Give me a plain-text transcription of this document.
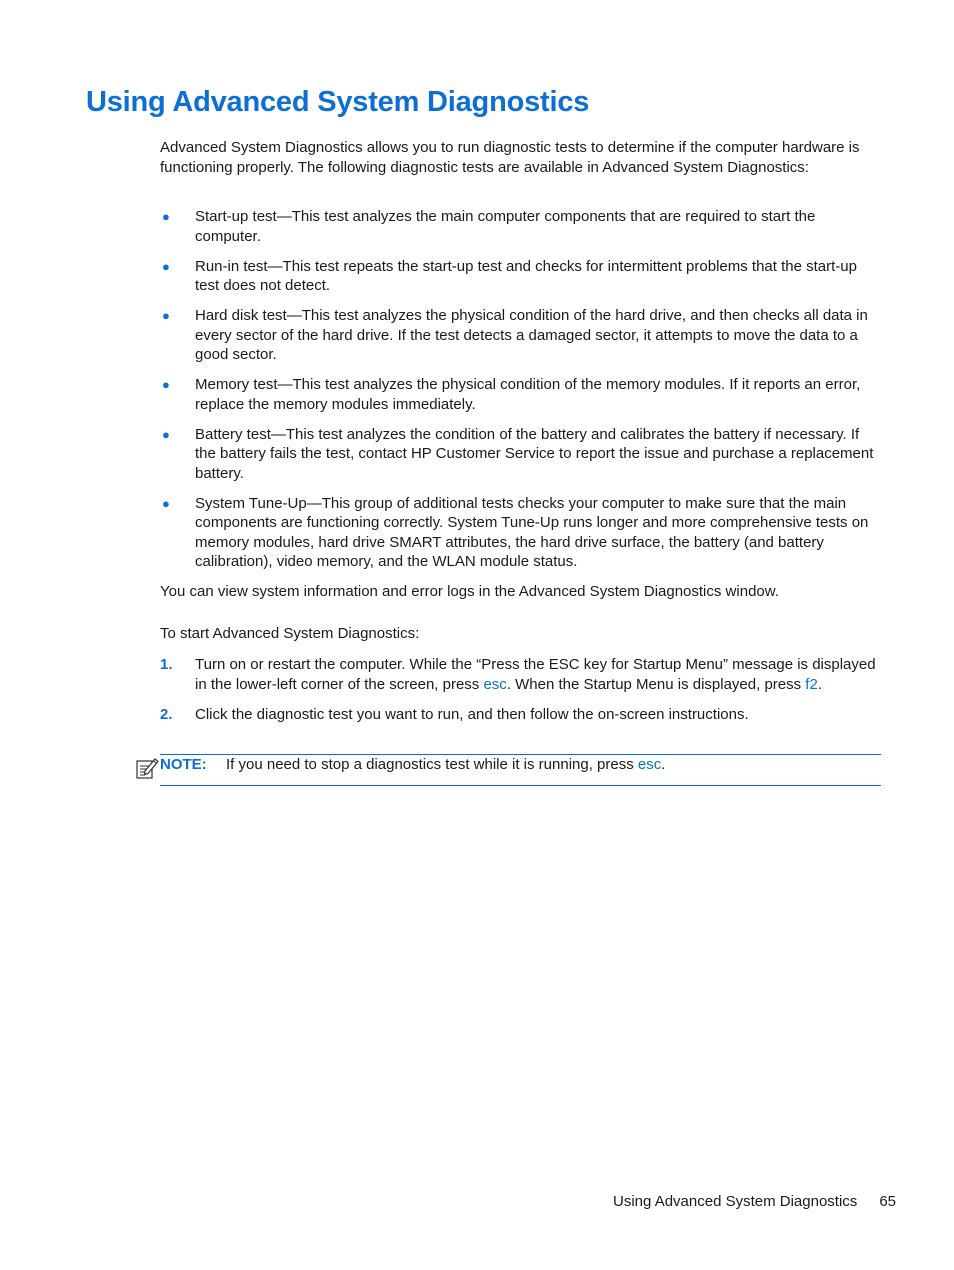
Using Advanced System Diagnostics

Advanced System Diagnostics allows you to run diagnostic tests to determine if the computer hardware is functioning properly. The following diagnostic tests are available in Advanced System Diagnostics:

● Start-up test—This test analyzes the main computer components that are required to start the computer.
● Run-in test—This test repeats the start-up test and checks for intermittent problems that the start-up test does not detect.
● Hard disk test—This test analyzes the physical condition of the hard drive, and then checks all data in every sector of the hard drive. If the test detects a damaged sector, it attempts to move the data to a good sector.
● Memory test—This test analyzes the physical condition of the memory modules. If it reports an error, replace the memory modules immediately.
● Battery test—This test analyzes the condition of the battery and calibrates the battery if necessary. If the battery fails the test, contact HP Customer Service to report the issue and purchase a replacement battery.
● System Tune-Up—This group of additional tests checks your computer to make sure that the main components are functioning correctly. System Tune-Up runs longer and more comprehensive tests on memory modules, hard drive SMART attributes, the hard drive surface, the battery (and battery calibration), video memory, and the WLAN module status.

You can view system information and error logs in the Advanced System Diagnostics window.

To start Advanced System Diagnostics:

1. Turn on or restart the computer. While the “Press the ESC key for Startup Menu” message is displayed in the lower-left corner of the screen, press esc. When the Startup Menu is displayed, press f2.
2. Click the diagnostic test you want to run, and then follow the on-screen instructions.
NOTE: If you need to stop a diagnostics test while it is running, press esc.
Using Advanced System Diagnostics 65
